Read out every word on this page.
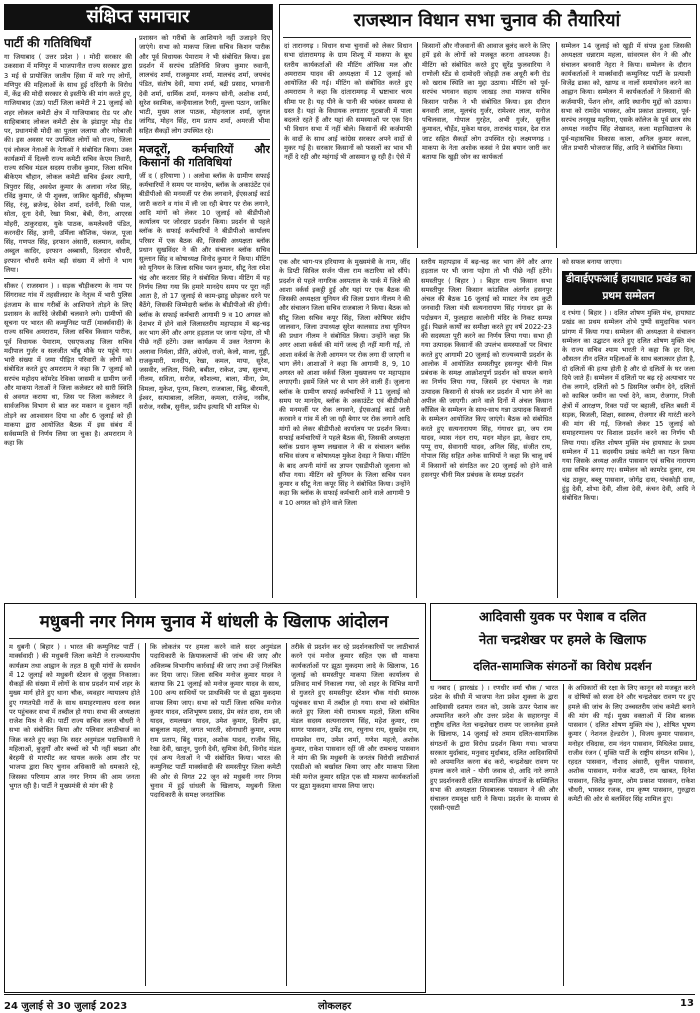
संक्षिप्त समाचार
पार्टी की गतिविधियाँ

गा जियाबाद ( उत्तर प्रदेश ) । मोदी सरकार की उकसावा में मणिपुर में भाजपानीत राज्य सरकार द्वारा 3 मई से प्रायोजित जातीय हिंसा में मारे गए लोगों, मणिपुर की महिलाओं के साथ हुई दरिंदगी के विरोध में, केंद्र की मोदी सरकार से इस्तीफे की मांग करते हुए, गाजियाबाद (उप्र) पार्टी जिला कमेटी ने 21 जुलाई को शहर लोकल कमेटी क्षेत्र में गाजियाबाद रोड पर और साहिबाबाद लोकल कमेटी क्षेत्र के झंडापुर मोड़ रोड पर, प्रधानमंत्री मोदी का पुतला जलाया और नारेबाजी की। इस अवसर पर उपस्थित लोगों को राज्य, जिला एवं लोकल नेताओं के नेताओं ने संबोधित किया। उक्त कार्यक्रमों में दिल्ली राज्य कमेटी सचिव केएम तिवारी, राज्य सचिव मंडल सदस्य राजीव कुमार, जिला सचिव बीकेएम चौहान, लोकल कमेटी सचिव ईश्वर त्यागी, त्रिपुरार सिंह, अवधेश कुमार के अलावा नरेश सिंह, रविंद्र कुमार, जे पी शुक्ला, जाकिर खुर्शीदी, श्रीकृष्ण सिंह, रंजू, ब्रजेन्द्र, देवेश शर्मा, दर्शनी, रिकी पाल, सोता, दूना देवी, रेखा मिश्रा, बेबी, रीना, आएरस मोहरी, ठाकुरदास, युके पाठक, कमलेश्वरी पंडित, करनदीर सिंह, ज्ञानी, उर्मिला कौशिक, पंकज, पूजा सिंह, गणपत सिंह, इरफान अंसारी, सलमान, वसीम, अब्दुल कादिर, इरफान अब्बासी, दिलदार चौधरी, इरफान चौधरी समेत बड़ी संख्या में लोगों ने भाग लिया।

सीकर ( राजस्थान ) । सड़क चौड़ीकरण के नाम पर सिंगरावट गांव में तहसीलदार के नेतृत्व में भारी पुलिस इंतजाम के साथ गरीबों के आशियाने तोड़ने के लिए प्रशासन के कारिंदे जेसीबी चलवाने लगे। ग्रामीणों की सूचना पर भारत की कम्युनिस्ट पार्टी (मार्क्सवादी) के राज्य सचिव अमराराम, जिला सचिव किसान पारीक, पूर्व विधायक पेमाराम, एसएफआइ जिला सचिव मदीपाल गुर्जर व सलजीत भाँबू मौके पर पहुंचे गए। भारी संख्या में जमा पीड़ित परिवारों के लोगों को संबोधित करते हुए अमराराम ने कहा कि 7 जुलाई को सरपंच महोदय कॉमरेड रेविका जासमी व ग्रामीण जनों और माकपा नेताओं ने जिला कलेक्टर को सारी स्थिति से अवगत कराया था, जिस पर जिला कलेक्टर ने सार्वजनिक विभाग से बात कर मकान व दुकान नहीं तोड़ने का आश्वासन दिया था और 6 जुलाई को ही माकपा द्वारा आयोजित बैठक में इस संबंध में सर्वसम्मति से निर्णय लिया जा चुका है। अमराराम ने कहा कि

प्रशासन को गरीबों के आशियाने नहीं उजाड़ने दिए जाएंगे। सभा को माकपा जिला सचिव किशन पारीक और पूर्व विधायक पेमाराम ने भी संबोधित किया। इस प्रदर्शन में सरपंच प्रतिनिधि विजय कुमार रुवानी, लालचंद शर्मा, राजकुमार शर्मा, मालचंद शर्मा, जयचंद पंडित, संतोष देवी, माया शर्मा, बद्री प्रसाद, भगवानी देवी शर्मा, धार्मिक शर्मा, मनरूप सोनी, अशोक शर्मा, सुरेश स्वामिक, कन्हैयालाल रैगरी, मुल्ला पठान, जाकिर भाटी, मुख्य लाल पाठक, मोहनलाल शर्मा, जुगल जांगिड, मोहन सिंह, राम प्रताप शर्मा, अमरजी भीमा सहित सैकड़ों लोग उपस्थित रहे।

मजदूरों, कर्मचारियों और किसानों की गतिविधियां

जीं द ( हरियाणा ) । अलोवा ब्लॉक के ग्रामीण सफाई कर्मचारियों ने समय पर मानदेय, ब्लॉक के अकाउंटेंट एवं बीडीपीओ की मनमर्जी पर रोक लगवाने, ईएसआई कार्ड जारी कराने व गांव में ली जा रही बेगार पर रोक लगाने, आदि मांगों को लेकर 10 जुलाई को बीडीपीओ कार्यालय पर जोरदार प्रदर्शन किया। प्रदर्शन से पहले ब्लॉक के सफाई कर्मचारियों ने बीडीपीओ कार्यालय परिसर में एक बैठक की, जिसकी अध्यक्षता ब्लॉक प्रधान सुखविंदर ने की और संचालन ब्लॉक सचिव सुल्तान सिंह व कोषाध्यक्ष विनोद कुमार ने किया। मीटिंग को यूनियन के जिला सचिव पवन कुमार, सीटू नेता रमेश चंद्र और करतार सिंह ने संबोधित किया। मीटिंग में यह निर्णय लिया गया कि हमारे मानदेय समय पर पूरा नहीं आता है, तो 17 जुलाई से काम-झाडू छोड़कर धरने पर बैठेंगे, जिसकी जिम्मेदारी ब्लॉक के बीडीपीओ की होगी। ब्लॉक के सफाई कर्मचारी आगामी 9 व 10 अगस्त को देशभर में होने वाले जिलास्तरीय महापड़ाव में बढ़-चढ़ कर भाग लेंगे और अगर हड़ताल पर जाना पड़ेगा, तो भी पीछे नहीं हटेंगे। उक्त कार्यक्रम में उक्त नेतागण के अलावा निर्मला, प्रीति, अंग्रेजो, राजो, केलो, माला, गुड्डी, राजकुमारी, मनदीप, रेखा, कमल, माया, सुरेश, जसवीर, ललिता, पिंकी, बबीता, राकेश, उषा, सुलभा, नीलम, सविता, सरोज, कौशल्या, बाला, मीना, प्रेम, विमला, मुकेश, पूनम, किरण, राजबाला, बिंदु, बीरमती, ईश्वर, सत्याबाला, ललिता, कमला, राजेन्द्र, नसीब, सरोज, नसीब, सुनील, प्रदीप इत्यादि भी शामिल थे।

राजस्थान विधान सभा चुनाव की तैयारियां
दां तारानगढ़ । विधान सभा चुनावों को लेकर विधान सभा दांतारामगढ़ के ग्राम शिश्यू में माकपा के बूथ स्तरीय कार्यकर्ताओं की मीटिंग ऑफिस मल और अमराराम यादव की अध्यक्षता में 12 जुलाई को आयोजित की गई। मीटिंग को संबोधित करते हुए अमराराम ने कहा कि दांतारामगढ़ में भ्रष्टाचार चरम सीमा पर है। यह पीने के पानी की भयंकर समस्या से ग्रस्त है। यहां के विधायक लगातार गुटबाजी में पाला बदलते रहते हैं और यहां की समस्याओं पर एक दिन भी विधान सभा में नहीं बोले। किसानों की कर्जमाफी के वादों के साथ आई कांग्रेस सरकार अपने वादों से मुकर गई है। सरकार किसानों को फसलों का भाव भी नहीं दे रही और महंगाई भी आसमान छू रही है। ऐसे में
किसानों और नौजवानों की आवाज बुलंद करने के लिए हमें इसे के लोगों को मजबूत करना आवश्यक है। मीटिंग को संबोधित करते हुए सुरेंद्र फुलवारिया ने राणोली स्टेंड से दामोदरी जोहड़ी तक अधूरी बनी रोड को खराब स्थिति का मुद्दा उठाया। मीटिंग को पूर्व-सरपंच भगवान सहाय जाखड़ तथा माकपा सचिव किसान पारीक ने भी संबोधित किया। इस दौरान बनवारी लाल, मूलचंद गुर्जर, रामेश्वर लाल, मनोज पचिलवाल, गोपाल गुरहेत, अभी गुर्जर, सुनील कुमावत, चौर्हेड, मुकेश यादव, ताराचंद यादव, देश राज जाट सहित सैकड़ों लोग उपस्थित रहे। लक्ष्मणगढ़ । माकपा के नेता अशोक कस्वां ने प्रेस बयान जारी कर बताया कि खुड़ी जोन का कार्यकर्ता
सम्मेलन 14 जुलाई को खुड़ी में संपन्न हुआ जिसकी अध्यक्षता धन्नाराम महला, सांवरमल सेन ने की और संचालन बनवारी नेहरा ने किया। सम्मेलन के दौरान कार्यकर्ताओं ने मार्क्सवादी कम्युनिस्ट पार्टी के प्रत्याशी विजेंद्र ढाका को, खाण्ड व नालों समायोजन करने का आह्वान किया। सम्मेलन में कार्यकर्ताओं ने किसानों की कर्जमाफी, पेंशन लोन, आदि स्थानीय मुद्दों को उठाया। सभा को रामदेव भास्कर, ओम प्रकाश डालमास, पूर्व-सरपंच तनसुख महरिया, एसके कॉलेज के पूर्व छात्र संघ अध्यक्ष नवदीप सिंह शेखावत, कला महाविद्यालय के पूर्व-महासचिव विकास काला, अनिल कुमार काला, जीत प्रभारी भोजराज सिंह, आदि ने संबोधित किया।
एक और भाग-पत्र हरियाणा के मुख्यमंत्री के नाम, जींद के डिप्टी सिविल सर्जन पीला राम कटारिया को सौंपे। प्रदर्शन से पहले नागरिक अस्पताल के पार्क में जिले की आशा वर्कर्स इकट्ठी हुईं और यहां पर एक बैठक की जिसकी अध्यक्षता यूनियन की जिला प्रधान नीलम ने की और संचालन जिला सचिव राजबाला ने किया। बैठक को सीटू जिला सचिव कपूर सिंह, जिला कोषियर संदीप जालवान, जिला उपाध्यक्ष सुरेश कालसाड तथा यूनियन की प्रधान नीलम ने संबोधित किया। उन्होंने कहा कि अगर आशा वर्कर्स की मांगें जल्द ही नहीं मानी गईं, तो आशा वर्कर्स के तेजी आगमन पर रोक लगा दी जाएगी व भाग लेंगे। आशाओं ने कहा कि आगामी 8, 9, 10 अगस्त को आशा वर्कर्स जिला मुख्यालय पर महापड़ाव लगाएगी। इसमें जिले भर से भाग लेने वाली हैं। जुलाना ब्लॉक के ग्रामीण सफाई कर्मचारियों ने 11 जुलाई को समय पर मानदेय, ब्लॉक के अकाउंटेंट एवं बीडीपीओ की मनमर्जी पर रोक लगवाने, ईएसआई कार्ड जारी करवाने व गांव में ली जा रही बेगार पर रोक लगाने आदि मांगों को लेकर बीडीपीओ कार्यालय पर प्रदर्शन किया। सफाई कर्मचारियों ने पहले बैठक की, जिसकी अध्यक्षता ब्लॉक प्रधान कृष्ण लखवाल ने की व संचालन ब्लॉक सचिव संजय व कोषाध्यक्ष मुकेश देवड़ा ने किया। मीटिंग के बाद अपनी मांगों का ज्ञापन एसडीपीओ जुलाना को सौंपा गया। मीटिंग को यूनियन के जिला सचिव पवन कुमार व सीटू नेता कपूर सिंह ने संबोधित किया। उन्होंने कहा कि ब्लॉक के सफाई कर्मचारी आने वाले आगामी 9 व 10 अगस्त को होने वाले जिला
स्तरीय महापड़ाव में बढ़-चढ़ कर भाग लेंगे और अगर हड़ताल पर भी जाना पड़ेगा तो भी पीछे नहीं हटेंगे। समस्तीपुर ( बिहार ) । बिहार राज्य किसान सभा समस्तीपुर जिला किसान कांउसिल अंतर्गत हसनपुर अंचल की बैठक 16 जुलाई को मास्टर नेत्र राम कुटी जनवादी जिला मंत्री सत्यनारायण सिंह गंगाधर झा के पदोन्नयन में, फुलहारा कालोनी मंदिर के निकट सम्पन्न हुई। पिछले कार्यों का समीक्षा करते हुए वर्ष 2022-23 की सदस्यता पूरी करने का निर्णय लिया गया। सभा ही गया उत्पादक किसानों की उपलंभ समस्याओं पर विचार करते हुए आगामी 20 जुलाई को राज्यव्यापी प्रदर्शन के आलोक में आयोजित समस्तीपुर हसनपुर चीनी मिल प्रबंधक के समक्ष आक्रोशपूर्ण प्रदर्शन को सफल बनाने का निर्णय लिया गया, जिसमें हर पंचायत के गन्ना उत्पादक किसानों से संपर्क कर प्रदर्शन में भाग लेने का अपील की जाएगी। आने वाले दिनों में अंचल किसान कौंसिल के सम्मेलन के साथ-साथ गन्ना उत्पादक किसानों के सम्मेलन आयोजित किए जाएंगे। बैठक को संबोधित करते हुए सत्यनारायण सिंह, गंगाधर झा, जय राम यादव, व्यास नंदन राय, मदन मोहन झा, केदार राय, पप्पू राय, सेवानारी यादव, अनिल सिंह, संजीत राय, गोपाल सिंह सहित अनेक साथियों ने कहा कि चालू वर्ष में किसानों को संगठित कर 20 जुलाई को होने वाले हसनपुर चीनी मिल प्रबंधक के समक्ष प्रदर्शन
को सफल बनाया जाएगा।
डीवाईएफआई हायाघाट प्रखंड का प्रथम सम्मेलन
द रभंगा ( बिहार ) । दलित शोषण मुक्ति मंच, हायाघाट प्रखंड का प्रथम सम्मेलन शोभे पुष्पी समुदायिक भवन प्रांगण में किया गया। सम्मेलन की अध्यक्षता वे संचालन सम्मेलन का उद्घाटन करते हुए दलित शोषण मुक्ति मंच के राज्य सचिव श्याम भारती ने कहा कि हर दिन, औसतन तीन दलित महिलाओं के साथ बलात्कार होता है, दो दलितों की हत्या होती है और दो दलितों के घर जला दिये जाते हैं। सम्मेलन में दलितों पर बढ़ रहे अत्याचार पर रोक लगाने, दलितों को 5 डिसमिल जमीन देने, दलितों को काबिल जमीन का पर्चा देने, काम, रोजगार, निजी क्षेत्रों में आरक्षण, रिक्त पदों पर बहाली, दलित बस्ती में सड़क, बिजली, शिक्षा, स्वास्थ्य, रोजगार की गारंटी करने की मांग की गई, जिनको लेकर 15 जुलाई को समाहरणालय पर विशाल प्रदर्शन करने का निर्णय भी लिया गया। दलित शोषण मुक्ति मंच हायाघाट के प्रथम सम्मेलन में 11 सदस्यीय प्रखंड कमेटी का गठन किया गया जिसके अध्यक्ष अजीत पासवान एवं सचिव नारायण दास सचिव बनाए गए। सम्मेलन को कामरेड दुलार, राम चंद्र ठाकुर, बब्लू पासवान, जोगेंद्र दास, पंचकोड़ी दास, हुंडु देवी, शोभा देवी, शीला देवी, कंचन देवी, आदि ने संबोधित किया।
मधुबनी नगर निगम चुनाव में धांधली के खिलाफ आंदोलन
म धुबनी ( बिहार ) । भारत की कम्युनिस्ट पार्टी ( मार्क्सवादी ) की मधुबनी जिला कमेटी ने राज्यव्यापीय कार्यक्रम तथा आह्वान के तहत 8 सूत्री मांगों के समर्थन में 12 जुलाई को मधुबनी स्टेशन से जुलूस निकाला। सैकड़ों की संख्या में लोगों के साथ प्रदर्शन मार्च शहर के मुख्य मार्ग होते हुए थाना चौक, व्यवहार न्यायालय होते हुए गणतपेडी नारों के साथ समाहरणालय धरना स्थल पर पहुंचकर सभा में तब्दील हो गया। सभा की अध्यक्षता राजेश मिश्र ने की। पार्टी राज्य सचिव ललन चौधरी ने सभा को संबोधित किया और पलिवार लाठीचार्ज का जिक्र करते हुए कहा कि सदर अनुमंडल पदाधिकारी ने महिलाओं, बुजुर्गों और बच्चों को भी नहीं बख्शा और बेरहमी से मारपीट कर घायल करके आम तौर पर भाजपा द्वारा किए चुनाव अधिकारी को धमकाते रहे, जिसका परिणाम आज नगर निगम की आम जनता भुगत रही है। पार्टी ने मुख्यमंत्री से मांग की है
कि लोकतंत्र पर हमला करने वाले सदर अनुमंडल पदाधिकारी के क्रियाकलापों की जांच की जाए और अविलम्ब विभागीय कार्रवाई की जाए तथा उन्हें निलंबित कर दिया जाए। जिला सचिव मनोज कुमार यादव ने बताया कि 21 जुलाई को मनोज कुमार यादव के साथ, 100 अन्य साथियों पर प्राथमिकी पर से झूठा मुकदमा वापस लिया जाए। सभा को पार्टी जिला सचिव मनोज कुमार यादव, शशिभूषण प्रसाद, प्रेम कांत दास, राम जी यादव, रामलखन यादव, उमेश कुमार, दिलीप झा, बाबूलाल महतो, जगत भारती, सोनाधारी कुमार, श्याम राम प्रताप, बिंदु यादव, अशोक यादव, राजीव सिंह, रेखा देवी, खातून, पुरनी देवी, सुमित्रा देवी, विनोद मंडल एवं अन्य नेताओं ने भी संबोधित किया। भारत की कम्युनिस्ट पार्टी मार्क्सवादी की समस्तीपुर जिला कमेटी की ओर से विगत 22 जून को मधुबनी नगर निगम चुनाव में हुई धांधली के खिलाफ, मधुबनी जिला पदाधिकारी के समक्ष जनतांत्रिक
तरीके से प्रदर्शन कर रहे प्रदर्शनकारियों पर लाठीचार्ज करने एवं मनोज कुमार सहित एक सौ माकपा कार्यकर्ताओं पर झूठा मुकदमा लादे के खिलाफ, 16 जुलाई को समस्तीपुर माकपा जिला कार्यालय से प्रतिवाद मार्च निकाला गया, जो शहर के विभिन्न मार्गों से गुजरते हुए समस्तीपुर स्टेशन चौक गांधी स्मारक पहुंचकर सभा में तब्दील हो गया। सभा को संबोधित करते हुए जिला मंत्री रामाश्रय महतो, जिला सचिव मंडल सदस्य सत्यनारायण सिंह, महेश कुमार, राम सागर पासवान, उपेंद्र राय, रघुनाथ राय, सुखदेव राय, रामप्रवेश राय, उमेश शर्मा, गणेश महतो, अशोक कुमार, राकेश पासवान रहीं जी और रामचन्द्र पासवान ने मांग की कि मधुबनी के जनतंत्र विरोधी लाठीचार्ज एसडीओ को बर्खास्त किया जाए और माकपा जिला मंत्री मनोज कुमार सहित एक सौ माकपा कार्यकर्ताओं पर झूठा मुकदमा वापस लिया जाए।
आदिवासी युवक पर पेशाब व दलित
नेता चन्द्रशेखर पर हमले के खिलाफ
दलित-सामाजिक संगठनों का विरोध प्रदर्शन
ध नबाद ( झारखंड ) । रणधीर वर्मा चौक / भारत प्रदेश के सीधी में भाजपा नेता प्रवेश शुक्ला के द्वारा आदिवासी दशमत रावत को, उसके ऊपर पेशाब कर अपमानित करने और उत्तर प्रदेश के सहारनपुर में राष्ट्रीय दलित नेता चन्द्रशेखर रावण पर जानलेवा हमले के खिलाफ, 14 जुलाई को तमाम दलित-सामाजिक संगठनों के द्वारा विरोध प्रदर्शन किया गया। भाजपा सरकार मुर्दाबाद, मनुवाद मुर्दाबाद, दलित आदिवासियों को अपमानित करना बंद करो, चन्द्रशेखर रावण पर हमला करने वाले - योगी जवाब दो, आदि नारे लगाते हुए प्रदर्शनकारी दलित सामाजिक संगठनों के सम्मिलित सभा की अध्यक्षता शिवबालक पासवान ने की और संचालन रामवृक्ष धारी ने किया। प्रदर्शन के माध्यम से एससी-एसटी
के अधिकारों की रक्षा के लिए कानून को मजबूत करने व दोषियों को सजा देने और चन्द्रशेखर रावण पर हुए हमले की जांच के लिए उच्चस्तरीय जांच कमेटी बनाने की मांग की गई। मुख्य वक्ताओं में शिव बालक पासवान ( दलित शोषण मुक्ति मंच ), शोषित भूषण कुमार ( नेशनल हेल्डरोन ), विजय कुमार पासवान, मनोहर रविदास, राम नंदन पासवान, मिथिलेश प्रसाद, राजीव रंजन ( मुक्ति पार्टी के राष्ट्रीय संगठन सचिव ), रहदत पासवान, नौशाद अंसारी, सुनील पासवान, अशोक पासवान, मनोज बाउरी, राम खाबत, दिनेश पासवान, जितेंद्र कुमार, ओम प्रकाश पासवान, राकेश चौधरी, भास्कर रजक, राम कृष्ण पासवान, गुरुद्वारा कमेटी की ओर से बलविंदर सिंह शामिल हुए।
24 जुलाई से 30 जुलाई 2023	लोकलहर	13
